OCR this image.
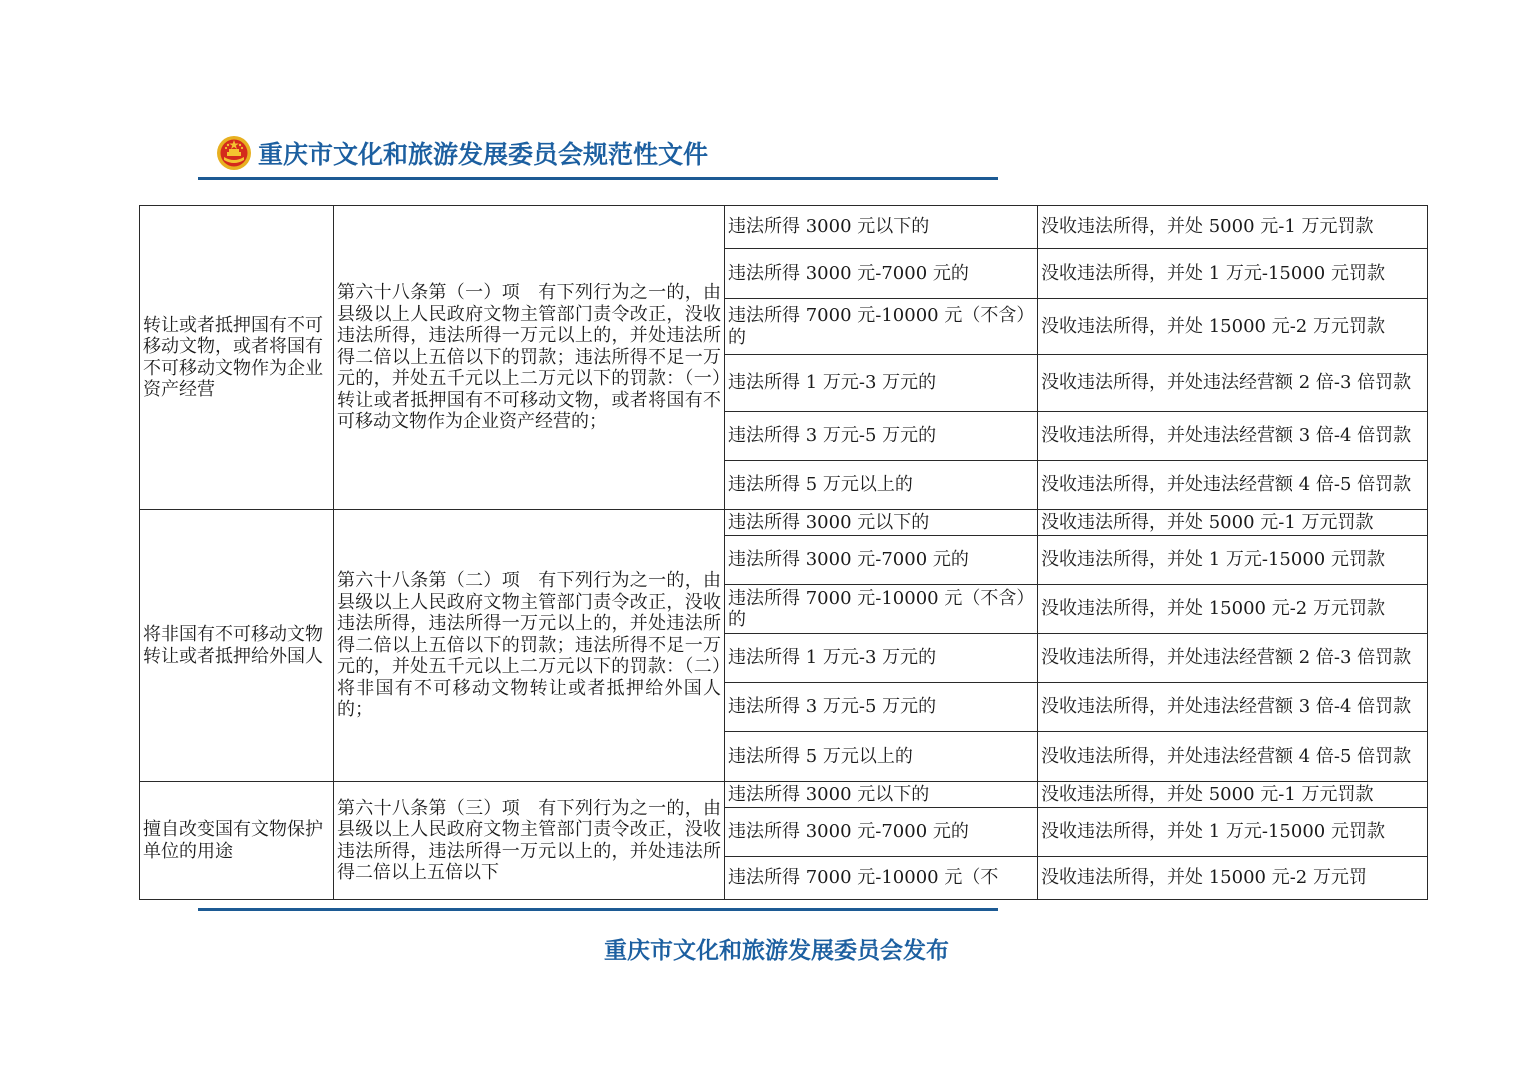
重庆市文化和旅游发展委员会规范性文件
转让或者抵押国有不可移动文物，或者将国有不可移动文物作为企业资产经营	第六十八条第（一）项　有下列行为之一的，由县级以上人民政府文物主管部门责令改正，没收违法所得，违法所得一万元以上的，并处违法所得二倍以上五倍以下的罚款；违法所得不足一万元的，并处五千元以上二万元以下的罚款：（一）转让或者抵押国有不可移动文物，或者将国有不可移动文物作为企业资产经营的；	违法所得 3000 元以下的	没收违法所得，并处 5000 元-1 万元罚款
		违法所得 3000 元-7000 元的	没收违法所得，并处 1 万元-15000 元罚款
		违法所得 7000 元-10000 元（不含）的	没收违法所得，并处 15000 元-2 万元罚款
		违法所得 1 万元-3 万元的	没收违法所得，并处违法经营额 2 倍-3 倍罚款
		违法所得 3 万元-5 万元的	没收违法所得，并处违法经营额 3 倍-4 倍罚款
		违法所得 5 万元以上的	没收违法所得，并处违法经营额 4 倍-5 倍罚款
将非国有不可移动文物转让或者抵押给外国人	第六十八条第（二）项　有下列行为之一的，由县级以上人民政府文物主管部门责令改正，没收违法所得，违法所得一万元以上的，并处违法所得二倍以上五倍以下的罚款；违法所得不足一万元的，并处五千元以上二万元以下的罚款：（二）将非国有不可移动文物转让或者抵押给外国人的；	违法所得 3000 元以下的	没收违法所得，并处 5000 元-1 万元罚款
		违法所得 3000 元-7000 元的	没收违法所得，并处 1 万元-15000 元罚款
		违法所得 7000 元-10000 元（不含）的	没收违法所得，并处 15000 元-2 万元罚款
		违法所得 1 万元-3 万元的	没收违法所得，并处违法经营额 2 倍-3 倍罚款
		违法所得 3 万元-5 万元的	没收违法所得，并处违法经营额 3 倍-4 倍罚款
		违法所得 5 万元以上的	没收违法所得，并处违法经营额 4 倍-5 倍罚款
擅自改变国有文物保护单位的用途	第六十八条第（三）项　有下列行为之一的，由县级以上人民政府文物主管部门责令改正，没收违法所得，违法所得一万元以上的，并处违法所得二倍以上五倍以下	违法所得 3000 元以下的	没收违法所得，并处 5000 元-1 万元罚款
		违法所得 3000 元-7000 元的	没收违法所得，并处 1 万元-15000 元罚款
		违法所得 7000 元-10000 元（不	没收违法所得，并处 15000 元-2 万元罚
重庆市文化和旅游发展委员会发布
